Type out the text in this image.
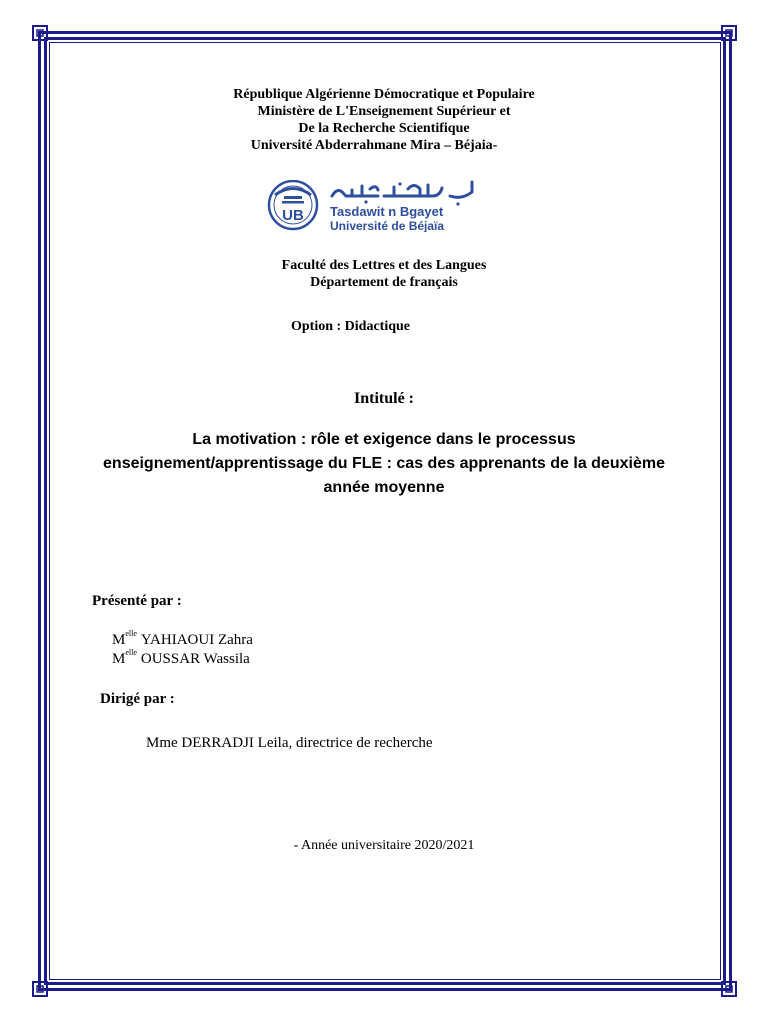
République Algérienne Démocratique et Populaire
Ministère de L'Enseignement Supérieur et
De la Recherche Scientifique
Université Abderrahmane Mira – Béjaia-
UB Tasdawit n Bgayet
Université de Béjaïa
Faculté des Lettres et des Langues
Département de français
Option : Didactique
Intitulé :
La motivation : rôle et exigence dans le processus
enseignement/apprentissage du FLE : cas des apprenants de la deuxième
année moyenne
Présenté par :
$M^{elle}$ YAHIAOUI Zahra
$M^{elle}$ OUSSAR Wassila
Dirigé par :
Mme DERRADJI Leila, directrice de recherche
- Année universitaire 2020/2021
